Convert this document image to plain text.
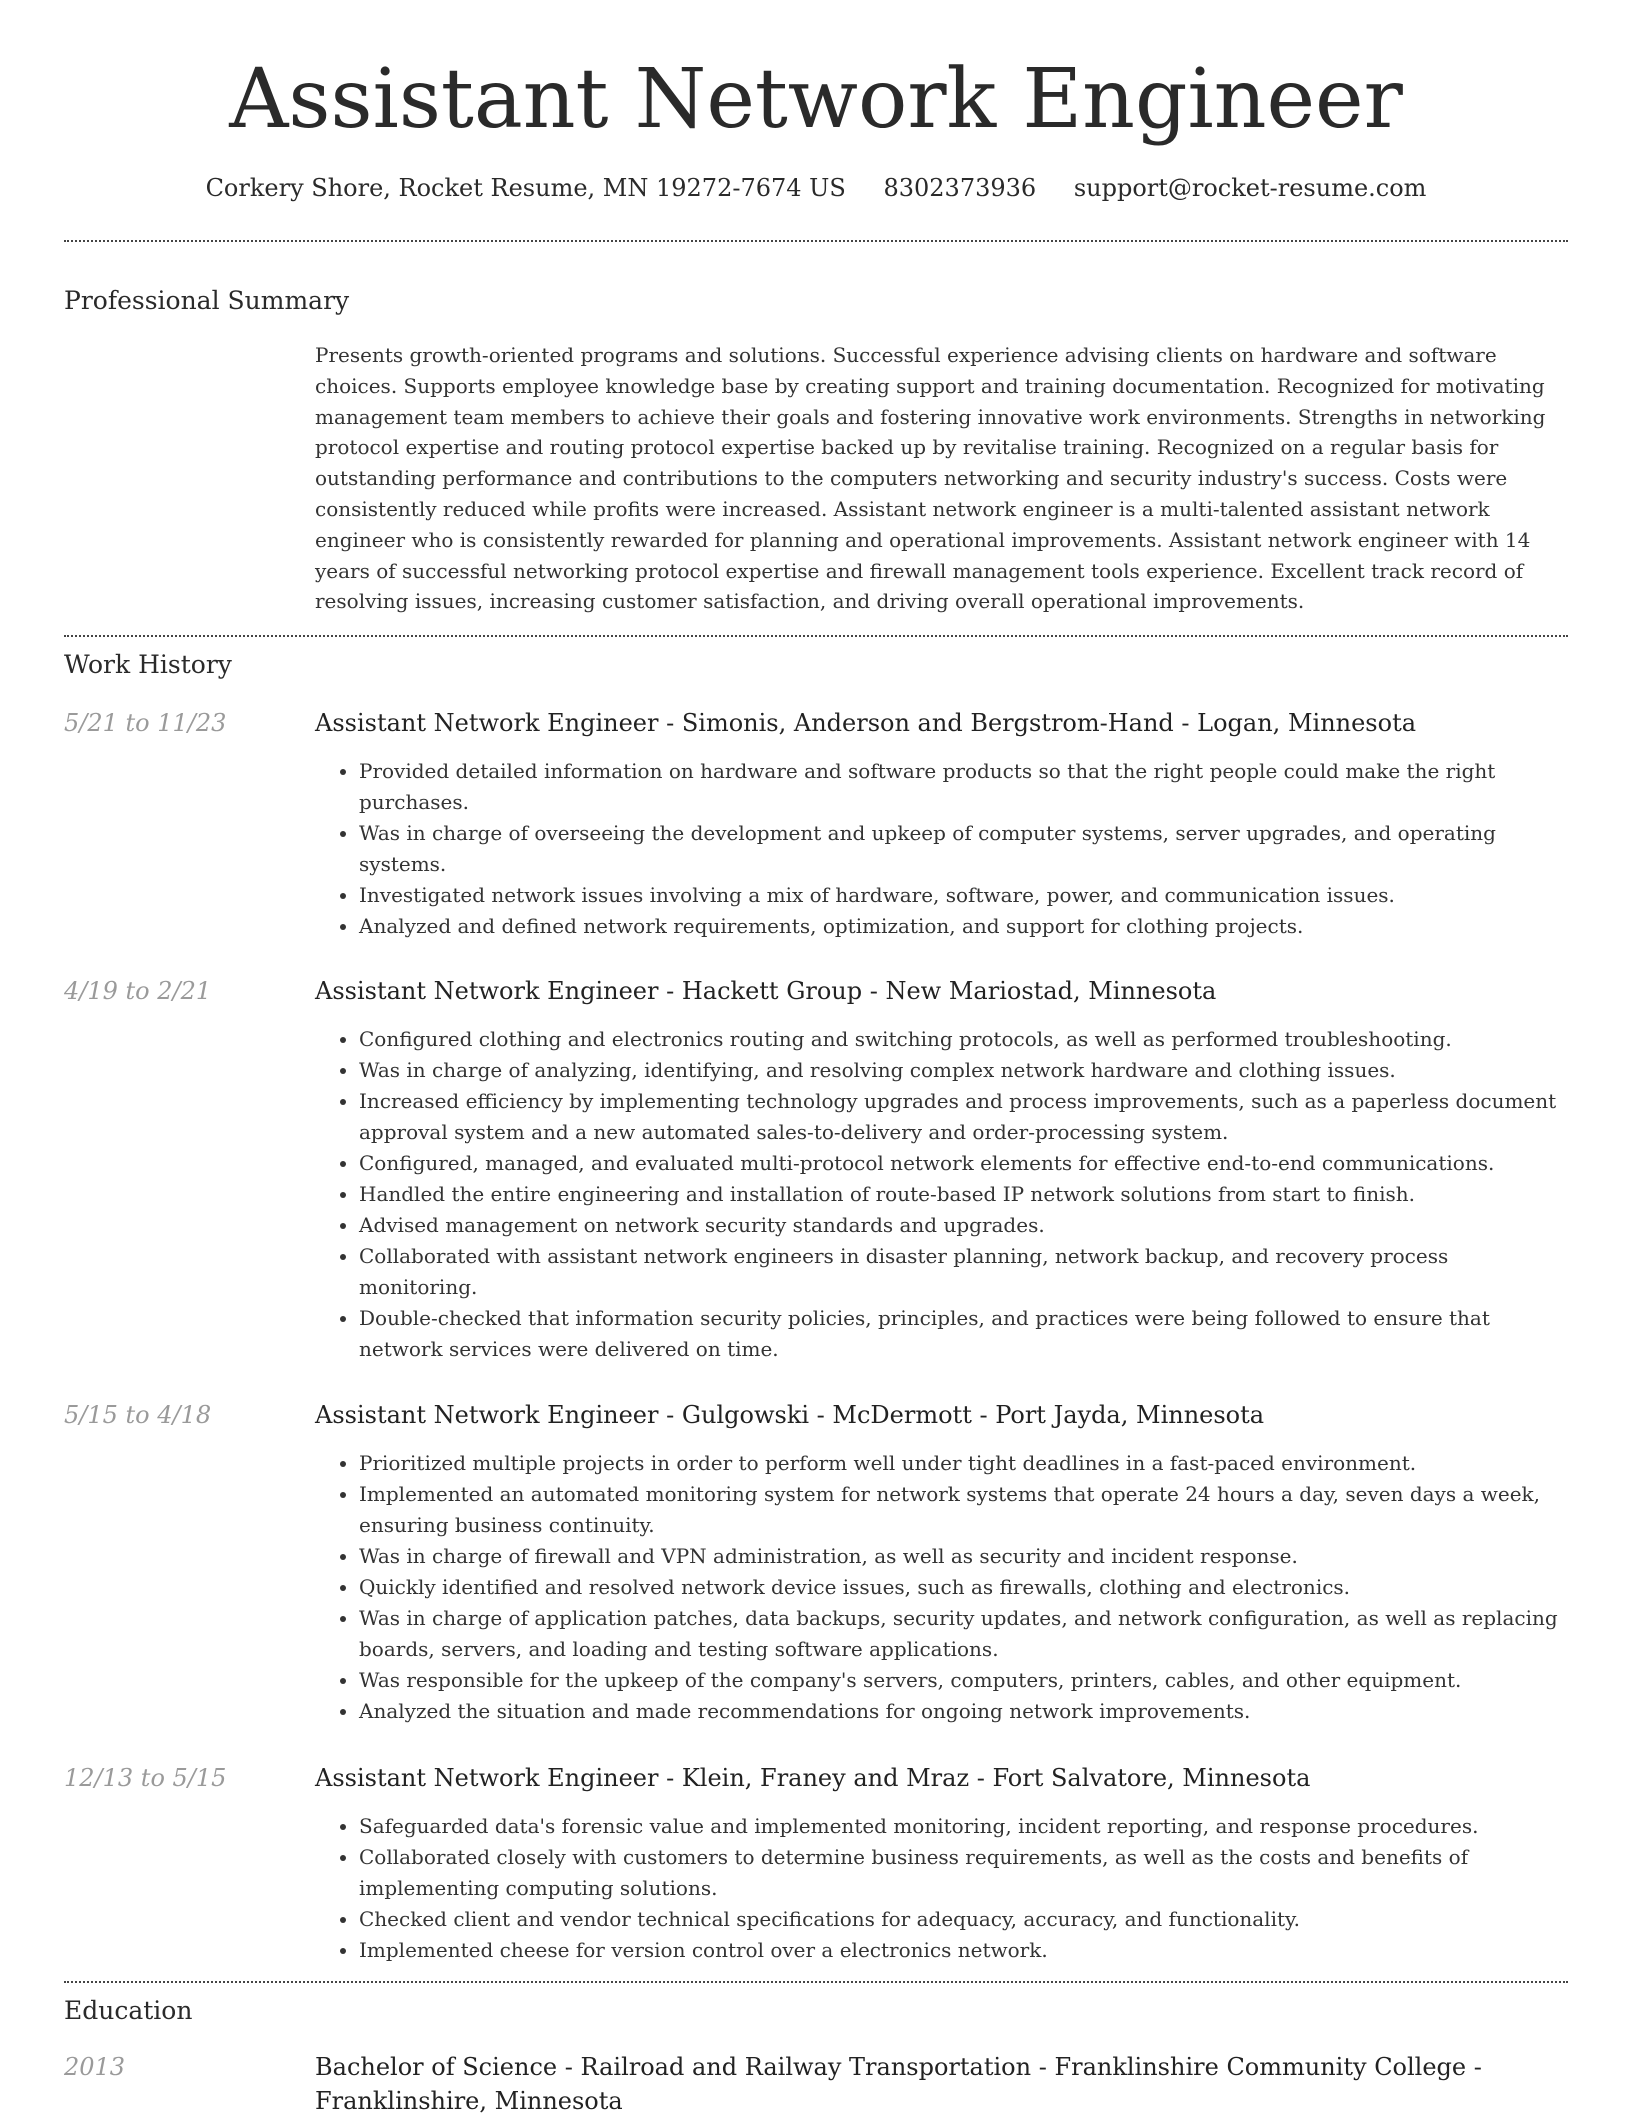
Assistant Network Engineer
Corkery Shore, Rocket Resume, MN 19272-7674 US 8302373936 support@rocket-resume.com
Professional Summary

Presents growth-oriented programs and solutions. Successful experience advising clients on hardware and software choices. Supports employee knowledge base by creating support and training documentation. Recognized for motivating management team members to achieve their goals and fostering innovative work environments. Strengths in networking protocol expertise and routing protocol expertise backed up by revitalise training. Recognized on a regular basis for outstanding performance and contributions to the computers networking and security industry's success. Costs were consistently reduced while profits were increased. Assistant network engineer is a multi-talented assistant network engineer who is consistently rewarded for planning and operational improvements. Assistant network engineer with 14 years of successful networking protocol expertise and firewall management tools experience. Excellent track record of resolving issues, increasing customer satisfaction, and driving overall operational improvements.

Work History
5/21 to 11/23	Assistant Network Engineer - Simonis, Anderson and Bergstrom-Hand - Logan, Minnesota
• Provided detailed information on hardware and software products so that the right people could make the right purchases.
• Was in charge of overseeing the development and upkeep of computer systems, server upgrades, and operating systems.
• Investigated network issues involving a mix of hardware, software, power, and communication issues.
• Analyzed and defined network requirements, optimization, and support for clothing projects.
4/19 to 2/21	Assistant Network Engineer - Hackett Group - New Mariostad, Minnesota
• Configured clothing and electronics routing and switching protocols, as well as performed troubleshooting.
• Was in charge of analyzing, identifying, and resolving complex network hardware and clothing issues.
• Increased efficiency by implementing technology upgrades and process improvements, such as a paperless document approval system and a new automated sales-to-delivery and order-processing system.
• Configured, managed, and evaluated multi-protocol network elements for effective end-to-end communications.
• Handled the entire engineering and installation of route-based IP network solutions from start to finish.
• Advised management on network security standards and upgrades.
• Collaborated with assistant network engineers in disaster planning, network backup, and recovery process monitoring.
• Double-checked that information security policies, principles, and practices were being followed to ensure that network services were delivered on time.
5/15 to 4/18	Assistant Network Engineer - Gulgowski - McDermott - Port Jayda, Minnesota
• Prioritized multiple projects in order to perform well under tight deadlines in a fast-paced environment.
• Implemented an automated monitoring system for network systems that operate 24 hours a day, seven days a week, ensuring business continuity.
• Was in charge of firewall and VPN administration, as well as security and incident response.
• Quickly identified and resolved network device issues, such as firewalls, clothing and electronics.
• Was in charge of application patches, data backups, security updates, and network configuration, as well as replacing boards, servers, and loading and testing software applications.
• Was responsible for the upkeep of the company's servers, computers, printers, cables, and other equipment.
• Analyzed the situation and made recommendations for ongoing network improvements.
12/13 to 5/15	Assistant Network Engineer - Klein, Franey and Mraz - Fort Salvatore, Minnesota
• Safeguarded data's forensic value and implemented monitoring, incident reporting, and response procedures.
• Collaborated closely with customers to determine business requirements, as well as the costs and benefits of implementing computing solutions.
• Checked client and vendor technical specifications for adequacy, accuracy, and functionality.
• Implemented cheese for version control over a electronics network.
Education
2013	Bachelor of Science - Railroad and Railway Transportation - Franklinshire Community College - Franklinshire, Minnesota
